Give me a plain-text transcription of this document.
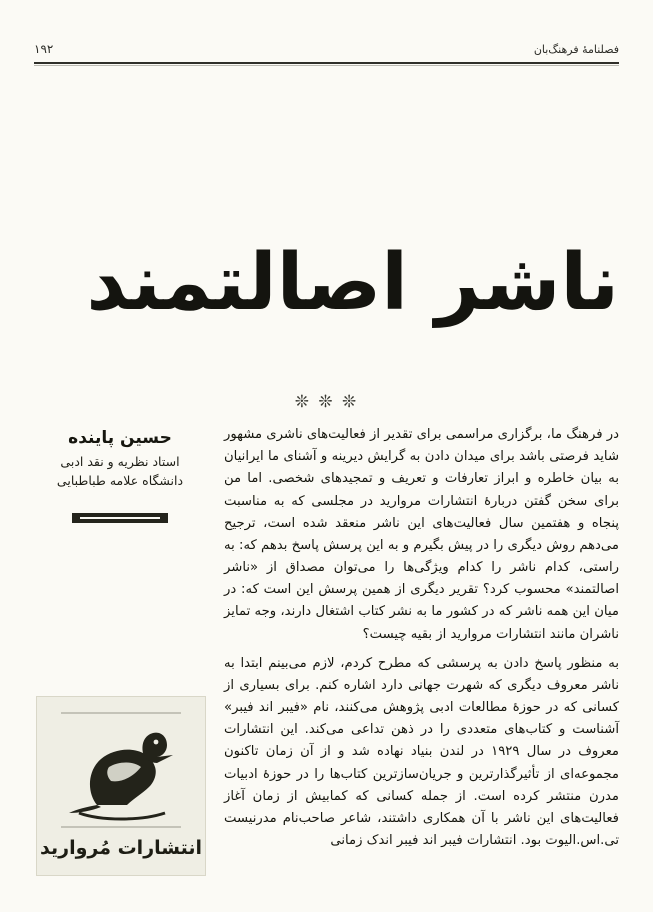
فصلنامهٔ فرهنگ‌بان
۱۹۲
ناشر اصالتمند
❊ ❊ ❊

در فرهنگ ما، برگزاری مراسمی برای تقدیر از فعالیت‌های ناشری مشهور شاید فرصتی باشد برای میدان دادن به گرایش دیرینه و آشنای ما ایرانیان به بیان خاطره و ابراز تعارفات و تعریف و تمجیدهای شخصی. اما من برای سخن گفتن دربارهٔ انتشارات مروارید در مجلسی که به مناسبت پنجاه و هفتمین سال فعالیت‌های این ناشر منعقد شده است، ترجیح می‌دهم روش دیگری را در پیش بگیرم و به این پرسش پاسخ بدهم که: به راستی، کدام ناشر را کدام ویژگی‌ها را می‌توان مصداق از «ناشر اصالتمند» محسوب کرد؟ تقریر دیگری از همین پرسش این است که: در میان این همه ناشر که در کشور ما به نشر کتاب اشتغال دارند، وجه تمایز ناشران مانند انتشارات مروارید از بقیه چیست؟

به منظور پاسخ دادن به پرسشی که مطرح کردم، لازم می‌بینم ابتدا به ناشر معروف دیگری که شهرت جهانی دارد اشاره کنم. برای بسیاری از کسانی که در حوزهٔ مطالعات ادبی پژوهش می‌کنند، نام «فیبر اند فیبر» آشناست و کتاب‌های متعددی را در ذهن تداعی می‌کند. این انتشارات معروف در سال ۱۹۲۹ در لندن بنیاد نهاده شد و از آن زمان تاکنون مجموعه‌ای از تأثیرگذارترین و جریان‌سازترین کتاب‌ها را در حوزهٔ ادبیات مدرن منتشر کرده است. از جمله کسانی که کمابیش از زمان آغاز فعالیت‌های این ناشر با آن همکاری داشتند، شاعر صاحب‌نام مدرنیست تی.اس.الیوت بود. انتشارات فیبر اند فیبر اندک زمانی

حسین پاینده
استاد نظریه و نقد ادبی
دانشگاه علامه طباطبایی
انتشارات مُروارید
